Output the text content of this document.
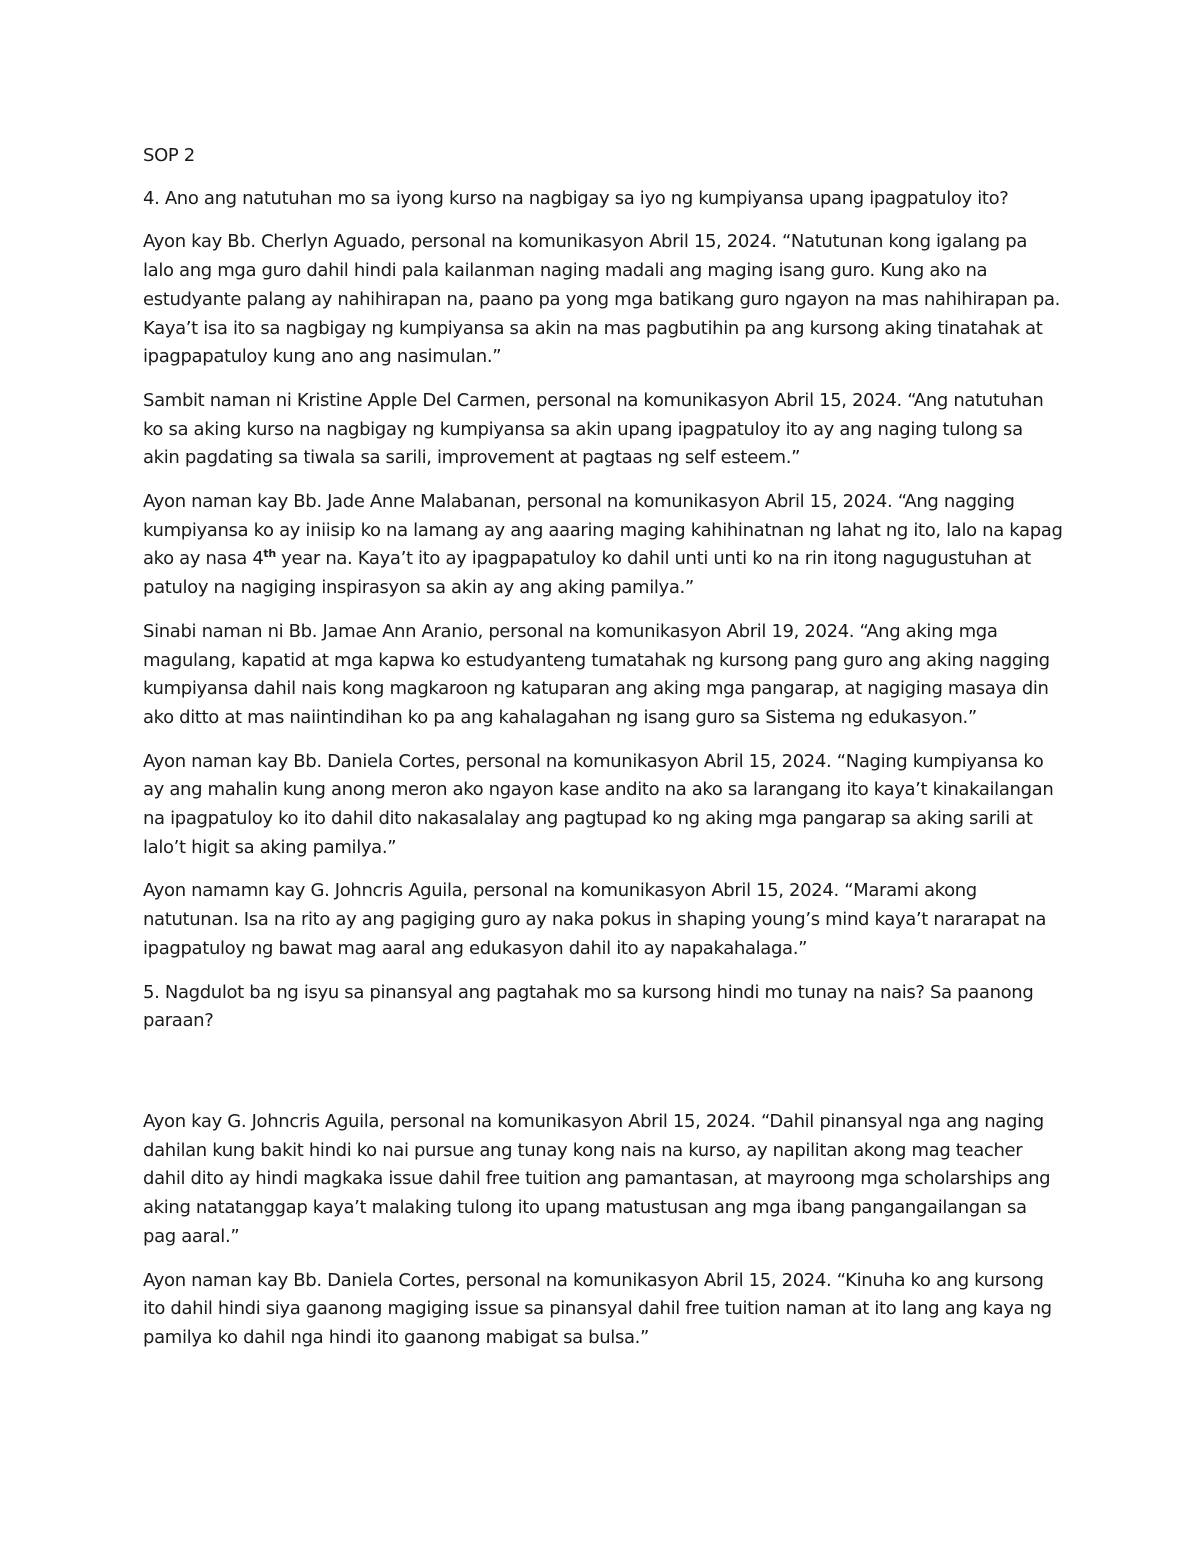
SOP 2

4. Ano ang natutuhan mo sa iyong kurso na nagbigay sa iyo ng kumpiyansa upang ipagpatuloy ito?

Ayon kay Bb. Cherlyn Aguado, personal na komunikasyon Abril 15, 2024. “Natutunan kong igalang pa lalo ang mga guro dahil hindi pala kailanman naging madali ang maging isang guro. Kung ako na estudyante palang ay nahihirapan na, paano pa yong mga batikang guro ngayon na mas nahihirapan pa. Kaya’t isa ito sa nagbigay ng kumpiyansa sa akin na mas pagbutihin pa ang kursong aking tinatahak at ipagpapatuloy kung ano ang nasimulan.”

Sambit naman ni Kristine Apple Del Carmen, personal na komunikasyon Abril 15, 2024. “Ang natutuhan ko sa aking kurso na nagbigay ng kumpiyansa sa akin upang ipagpatuloy ito ay ang naging tulong sa akin pagdating sa tiwala sa sarili, improvement at pagtaas ng self esteem.”

Ayon naman kay Bb. Jade Anne Malabanan, personal na komunikasyon Abril 15, 2024. “Ang nagging kumpiyansa ko ay iniisip ko na lamang ay ang aaaring maging kahihinatnan ng lahat ng ito, lalo na kapag ako ay nasa 4th year na. Kaya’t ito ay ipagpapatuloy ko dahil unti unti ko na rin itong nagugustuhan at patuloy na nagiging inspirasyon sa akin ay ang aking pamilya.”

Sinabi naman ni Bb. Jamae Ann Aranio, personal na komunikasyon Abril 19, 2024. “Ang aking mga magulang, kapatid at mga kapwa ko estudyanteng tumatahak ng kursong pang guro ang aking nagging kumpiyansa dahil nais kong magkaroon ng katuparan ang aking mga pangarap, at nagiging masaya din ako ditto at mas naiintindihan ko pa ang kahalagahan ng isang guro sa Sistema ng edukasyon.”

Ayon naman kay Bb. Daniela Cortes, personal na komunikasyon Abril 15, 2024. “Naging kumpiyansa ko ay ang mahalin kung anong meron ako ngayon kase andito na ako sa larangang ito kaya’t kinakailangan na ipagpatuloy ko ito dahil dito nakasalalay ang pagtupad ko ng aking mga pangarap sa aking sarili at lalo’t higit sa aking pamilya.”

Ayon namamn kay G. Johncris Aguila, personal na komunikasyon Abril 15, 2024. “Marami akong natutunan. Isa na rito ay ang pagiging guro ay naka pokus in shaping young’s mind kaya’t nararapat na ipagpatuloy ng bawat mag aaral ang edukasyon dahil ito ay napakahalaga.”

5. Nagdulot ba ng isyu sa pinansyal ang pagtahak mo sa kursong hindi mo tunay na nais? Sa paanong paraan?

Ayon kay G. Johncris Aguila, personal na komunikasyon Abril 15, 2024. “Dahil pinansyal nga ang naging dahilan kung bakit hindi ko nai pursue ang tunay kong nais na kurso, ay napilitan akong mag teacher dahil dito ay hindi magkaka issue dahil free tuition ang pamantasan, at mayroong mga scholarships ang aking natatanggap kaya’t malaking tulong ito upang matustusan ang mga ibang pangangailangan sa pag aaral.”

Ayon naman kay Bb. Daniela Cortes, personal na komunikasyon Abril 15, 2024. “Kinuha ko ang kursong ito dahil hindi siya gaanong magiging issue sa pinansyal dahil free tuition naman at ito lang ang kaya ng pamilya ko dahil nga hindi ito gaanong mabigat sa bulsa.”
